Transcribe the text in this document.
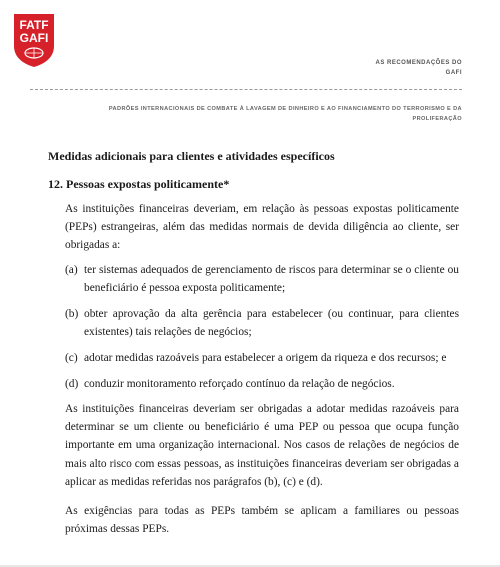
FATF
GAFI
AS RECOMENDAÇÕES DO
GAFI
PADRÕES INTERNACIONAIS DE COMBATE À LAVAGEM DE DINHEIRO E AO FINANCIAMENTO DO TERRORISMO E DA
PROLIFERAÇÃO
Medidas adicionais para clientes e atividades específicos
12. Pessoas expostas politicamente*
As instituições financeiras deveriam, em relação às pessoas expostas politicamente (PEPs) estrangeiras, além das medidas normais de devida diligência ao cliente, ser obrigadas a:
(a) ter sistemas adequados de gerenciamento de riscos para determinar se o cliente ou beneficiário é pessoa exposta politicamente;
(b) obter aprovação da alta gerência para estabelecer (ou continuar, para clientes existentes) tais relações de negócios;
(c) adotar medidas razoáveis para estabelecer a origem da riqueza e dos recursos; e
(d) conduzir monitoramento reforçado contínuo da relação de negócios.
As instituições financeiras deveriam ser obrigadas a adotar medidas razoáveis para determinar se um cliente ou beneficiário é uma PEP ou pessoa que ocupa função importante em uma organização internacional. Nos casos de relações de negócios de mais alto risco com essas pessoas, as instituições financeiras deveriam ser obrigadas a aplicar as medidas referidas nos parágrafos (b), (c) e (d).
As exigências para todas as PEPs também se aplicam a familiares ou pessoas próximas dessas PEPs.
